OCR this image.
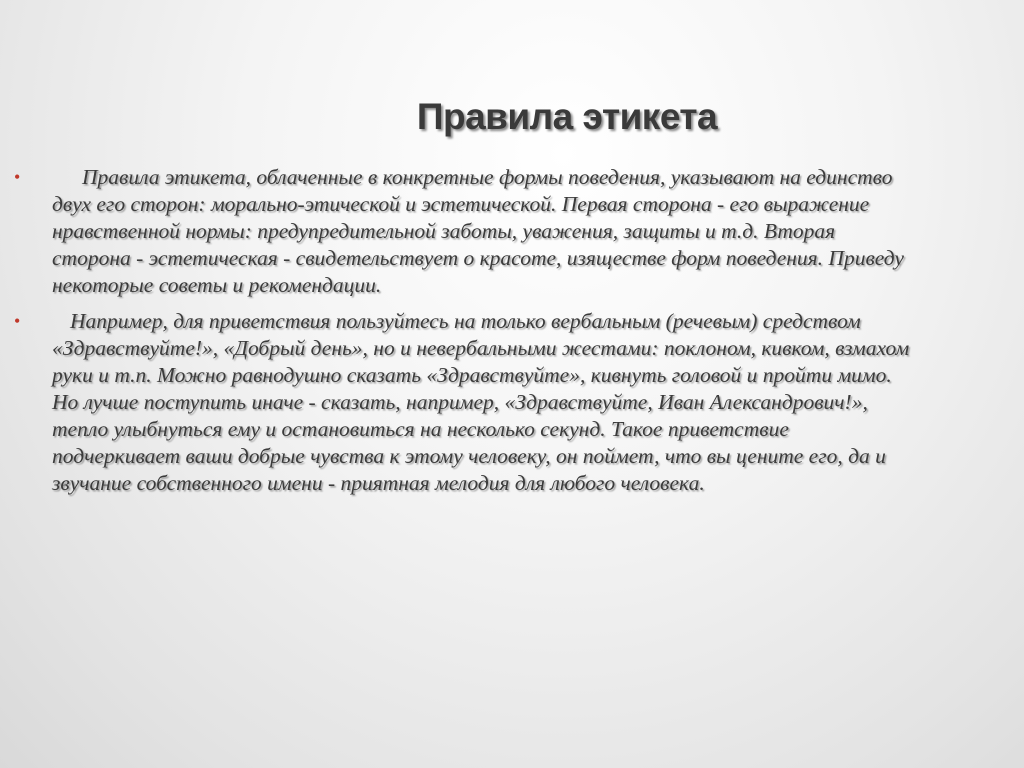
Правила этикета
•	Правила этикета, облаченные в конкретные формы поведения, указывают на единство двух его сторон: морально-этической и эстетической. Первая сторона - его выражение нравственной нормы: предупредительной заботы, уважения, защиты и т.д. Вторая сторона - эстетическая - свидетельствует о красоте, изяществе форм поведения. Приведу некоторые советы и рекомендации.
• Например, для приветствия пользуйтесь на только вербальным (речевым) средством «Здравствуйте!», «Добрый день», но и невербальными жестами: поклоном, кивком, взмахом руки и т.п. Можно равнодушно сказать «Здравствуйте», кивнуть головой и пройти мимо. Но лучше поступить иначе - сказать, например, «Здравствуйте, Иван Александрович!», тепло улыбнуться ему и остановиться на несколько секунд. Такое приветствие подчеркивает ваши добрые чувства к этому человеку, он поймет, что вы цените его, да и звучание собственного имени - приятная мелодия для любого человека.
